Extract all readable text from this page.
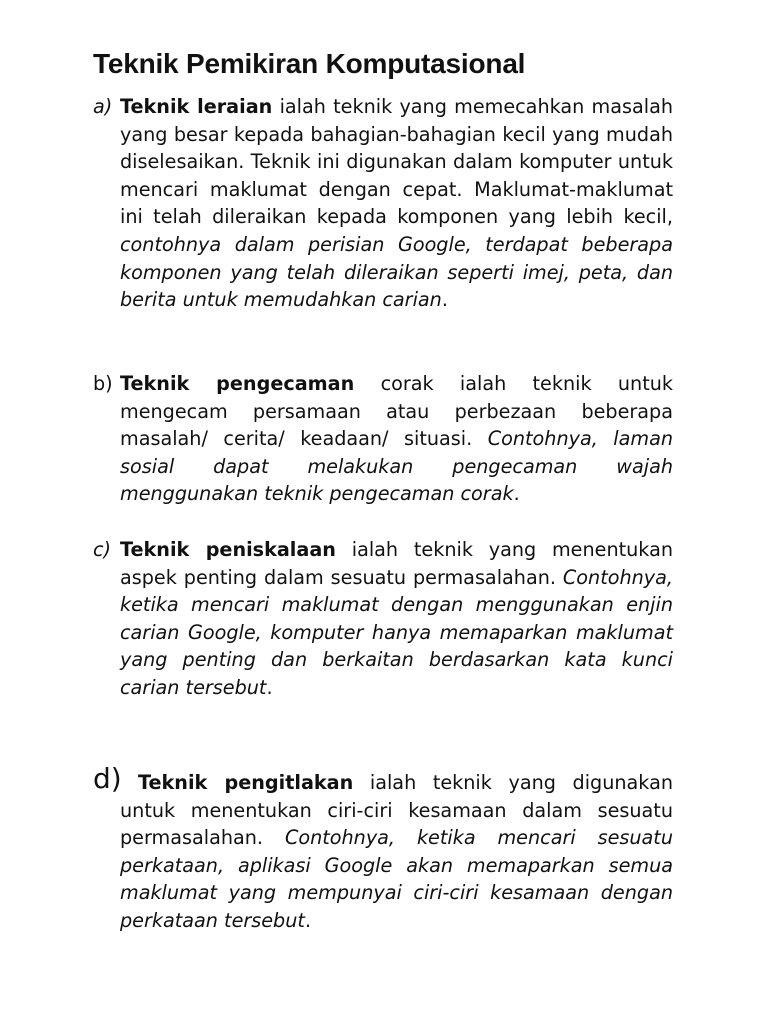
Teknik Pemikiran Komputasional
a) Teknik leraian ialah teknik yang memecahkan masalah yang besar kepada bahagian-bahagian kecil yang mudah diselesaikan. Teknik ini digunakan dalam komputer untuk mencari maklumat dengan cepat. Maklumat-maklumat ini telah dileraikan kepada komponen yang lebih kecil, contohnya dalam perisian Google, terdapat beberapa komponen yang telah dileraikan seperti imej, peta, dan berita untuk memudahkan carian.
b) Teknik pengecaman corak ialah teknik untuk mengecam persamaan atau perbezaan beberapa masalah/ cerita/ keadaan/ situasi. Contohnya, laman sosial dapat melakukan pengecaman wajah menggunakan teknik pengecaman corak.
c) Teknik peniskalaan ialah teknik yang menentukan aspek penting dalam sesuatu permasalahan. Contohnya, ketika mencari maklumat dengan menggunakan enjin carian Google, komputer hanya memaparkan maklumat yang penting dan berkaitan berdasarkan kata kunci carian tersebut.
d) Teknik pengitlakan ialah teknik yang digunakan untuk menentukan ciri-ciri kesamaan dalam sesuatu permasalahan. Contohnya, ketika mencari sesuatu perkataan, aplikasi Google akan memaparkan semua maklumat yang mempunyai ciri-ciri kesamaan dengan perkataan tersebut.
